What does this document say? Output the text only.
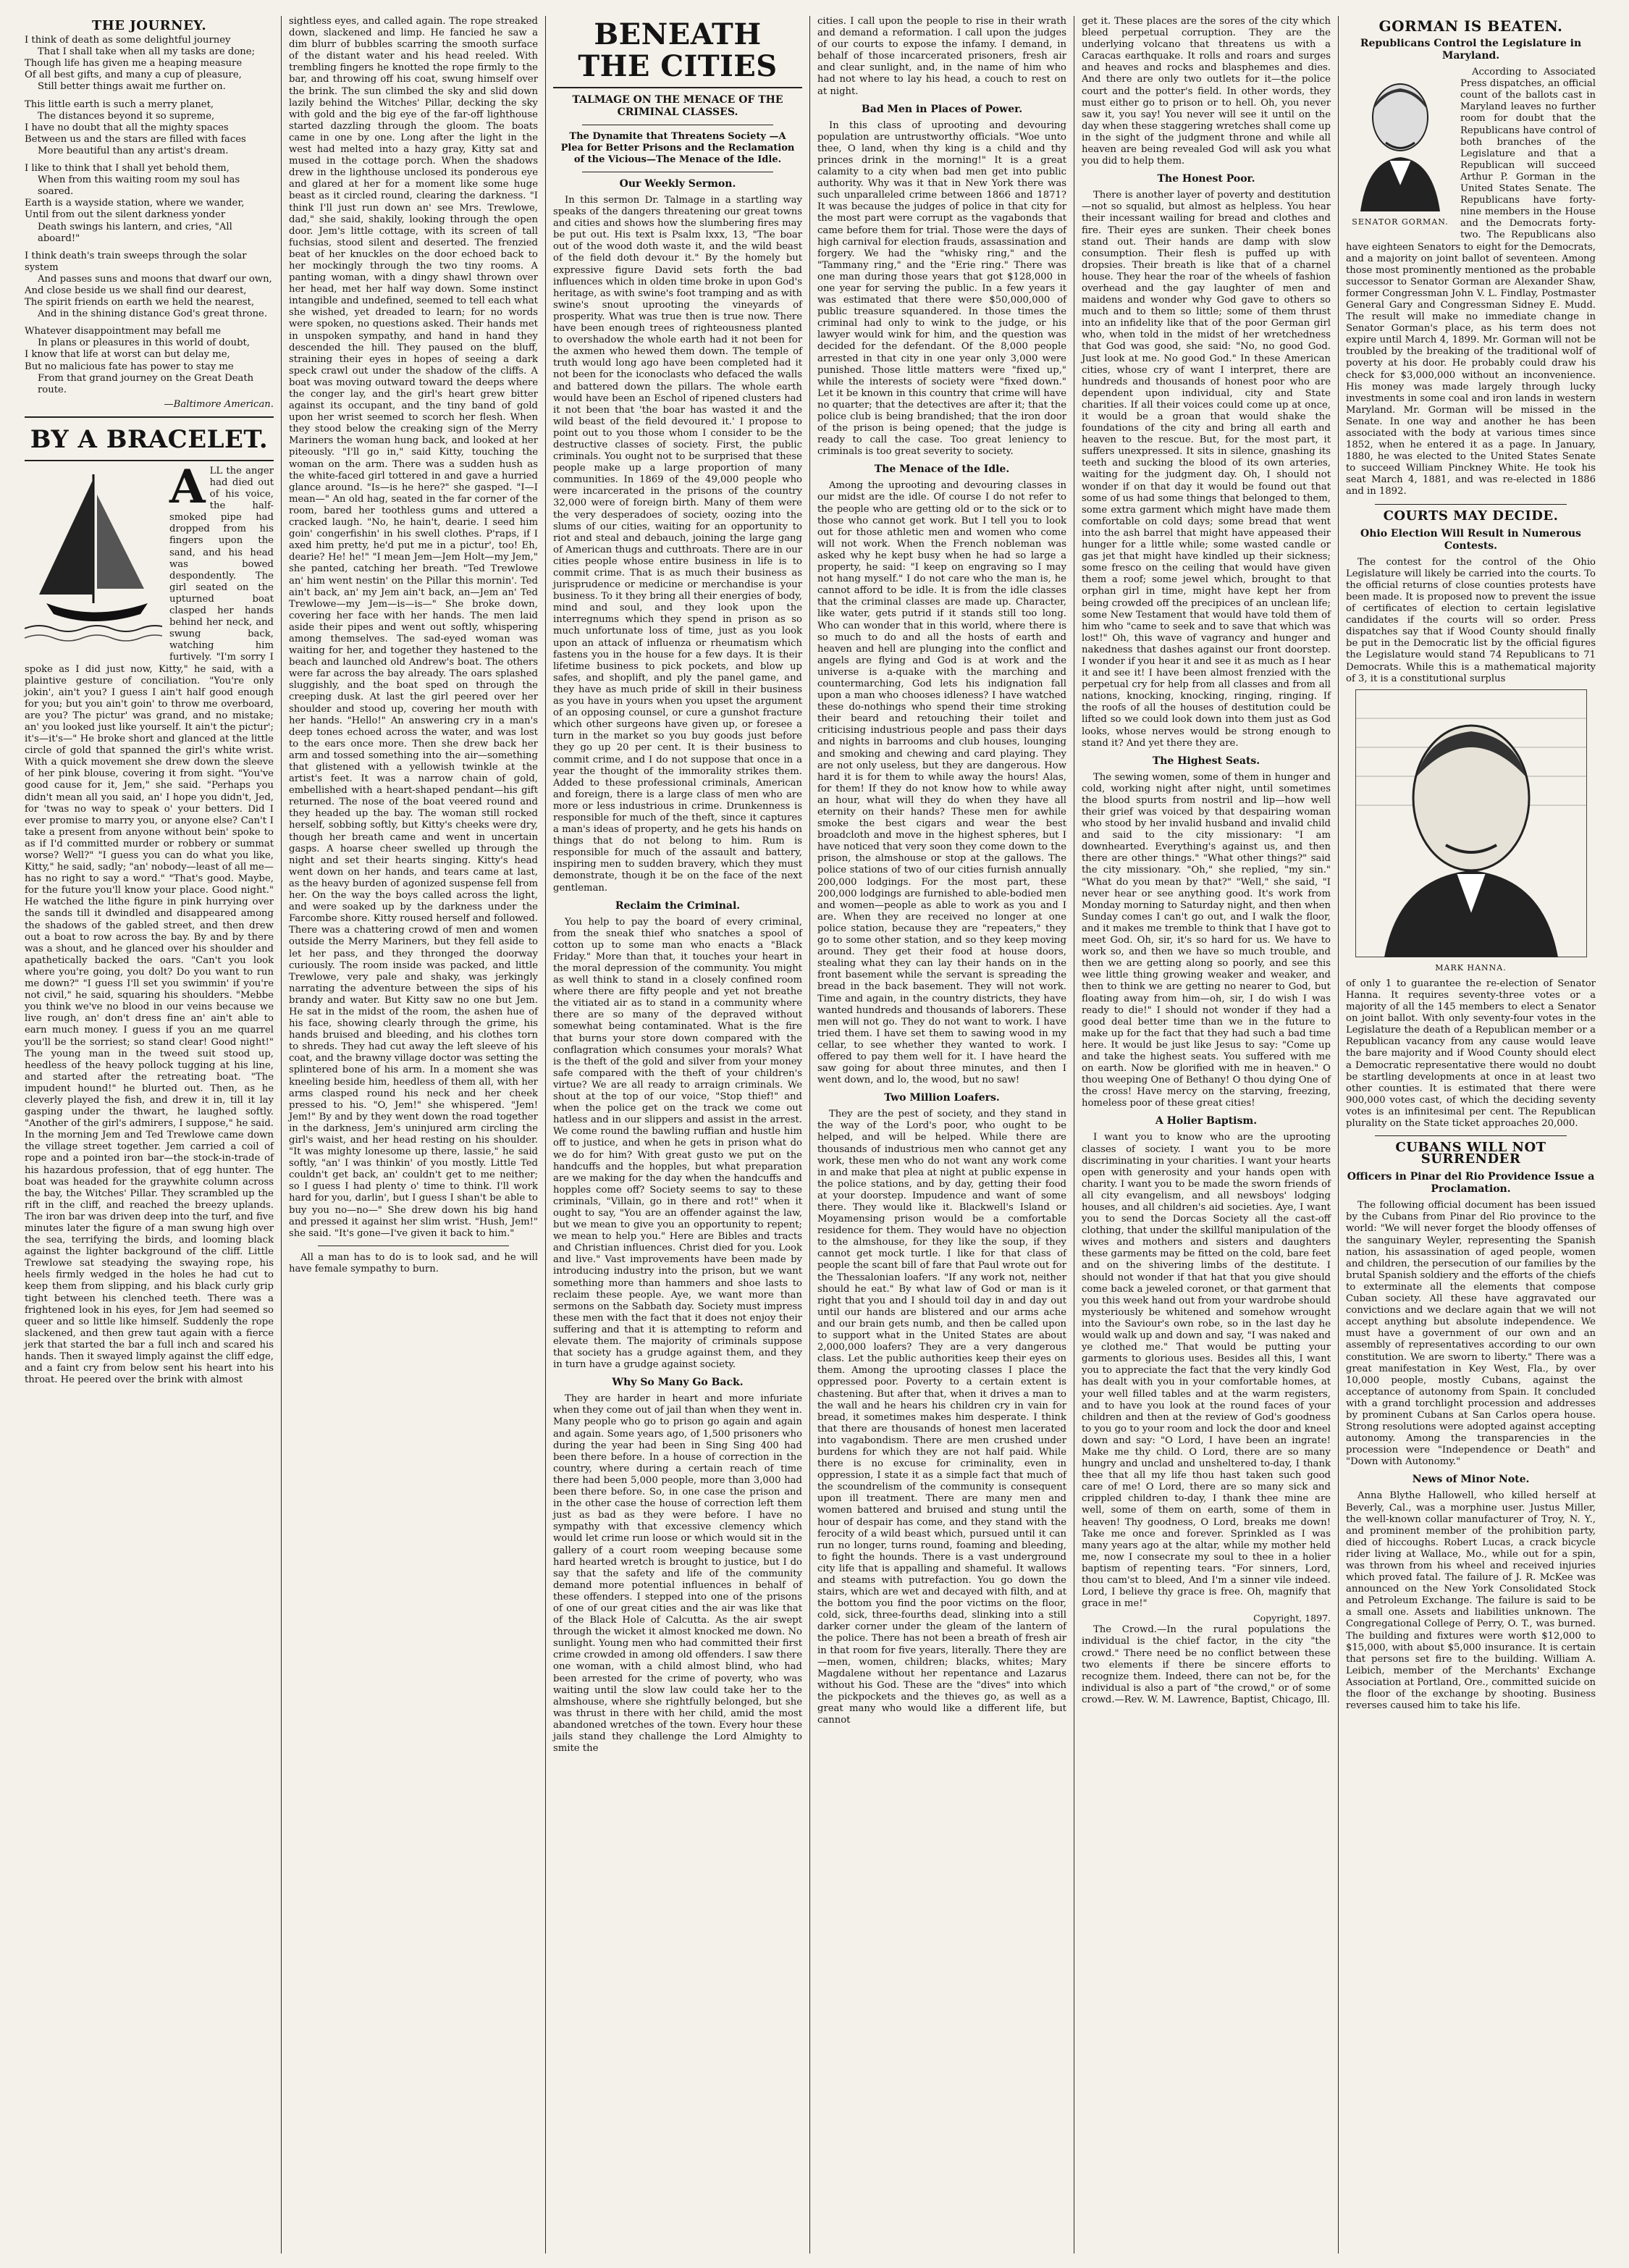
THE JOURNEY.

I think of death as some delightful journey

That I shall take when all my tasks are done;

Though life has given me a heaping measure

Of all best gifts, and many a cup of pleasure,

Still better things await me further on.

This little earth is such a merry planet,

The distances beyond it so supreme,

I have no doubt that all the mighty spaces

Between us and the stars are filled with faces

More beautiful than any artist's dream.

I like to think that I shall yet behold them,

When from this waiting room my soul has soared.

Earth is a wayside station, where we wander,

Until from out the silent darkness yonder

Death swings his lantern, and cries, "All aboard!"

I think death's train sweeps through the solar system

And passes suns and moons that dwarf our own,

And close beside us we shall find our dearest,

The spirit friends on earth we held the nearest,

And in the shining distance God's great throne.

Whatever disappointment may befall me

In plans or pleasures in this world of doubt,

I know that life at worst can but delay me,

But no malicious fate has power to stay me

From that grand journey on the Great Death route.

—Baltimore American.
BY A BRACELET.
A LL the anger had died out of his voice, the half-smoked pipe had dropped from his fingers upon the sand, and his head was bowed despondently. The girl seated on the upturned boat clasped her hands behind her neck, and swung back, watching him furtively. "I'm sorry I spoke as I did just now, Kitty," he said, with a plaintive gesture of conciliation. "You're only jokin', ain't you? I guess I ain't half good enough for you; but you ain't goin' to throw me overboard, are you? The pictur' was grand, and no mistake; an' you looked just like yourself. It ain't the pictur'; it's—it's—" He broke short and glanced at the little circle of gold that spanned the girl's white wrist. With a quick movement she drew down the sleeve of her pink blouse, covering it from sight. "You've good cause for it, Jem," she said. "Perhaps you didn't mean all you said, an' I hope you didn't, Jed, for 'twas no way to speak o' your betters. Did I ever promise to marry you, or anyone else? Can't I take a present from anyone without bein' spoke to as if I'd committed murder or robbery or summat worse? Well?" "I guess you can do what you like, Kitty," he said, sadly; "an' nobody—least of all me—has no right to say a word." "That's good. Maybe, for the future you'll know your place. Good night." He watched the lithe figure in pink hurrying over the sands till it dwindled and disappeared among the shadows of the gabled street, and then drew out a boat to row across the bay. By and by there was a shout, and he glanced over his shoulder and apathetically backed the oars. "Can't you look where you're going, you dolt? Do you want to run me down?" "I guess I'll set you swimmin' if you're not civil," he said, squaring his shoulders. "Mebbe you think we've no blood in our veins because we live rough, an' don't dress fine an' ain't able to earn much money. I guess if you an me quarrel you'll be the sorriest; so stand clear! Good night!" The young man in the tweed suit stood up, heedless of the heavy pollock tugging at his line, and started after the retreating boat. "The impudent hound!" he blurted out. Then, as he cleverly played the fish, and drew it in, till it lay gasping under the thwart, he laughed softly. "Another of the girl's admirers, I suppose," he said. In the morning Jem and Ted Trewlowe came down the village street together. Jem carried a coil of rope and a pointed iron bar—the stock-in-trade of his hazardous profession, that of egg hunter. The boat was headed for the graywhite column across the bay, the Witches' Pillar. They scrambled up the rift in the cliff, and reached the breezy uplands. The iron bar was driven deep into the turf, and five minutes later the figure of a man swung high over the sea, terrifying the birds, and looming black against the lighter background of the cliff. Little Trewlowe sat steadying the swaying rope, his heels firmly wedged in the holes he had cut to keep them from slipping, and his black curly grip tight between his clenched teeth. There was a frightened look in his eyes, for Jem had seemed so queer and so little like himself. Suddenly the rope slackened, and then grew taut again with a fierce jerk that started the bar a full inch and scared his hands. Then it swayed limply against the cliff edge, and a faint cry from below sent his heart into his throat. He peered over the brink with almost

sightless eyes, and called again. The rope streaked down, slackened and limp. He fancied he saw a dim blurr of bubbles scarring the smooth surface of the distant water and his head reeled. With trembling fingers he knotted the rope firmly to the bar, and throwing off his coat, swung himself over the brink. The sun climbed the sky and slid down lazily behind the Witches' Pillar, decking the sky with gold and the big eye of the far-off lighthouse started dazzling through the gloom. The boats came in one by one. Long after the light in the west had melted into a hazy gray, Kitty sat and mused in the cottage porch. When the shadows drew in the lighthouse unclosed its ponderous eye and glared at her for a moment like some huge beast as it circled round, clearing the darkness. "I think I'll just run down an' see Mrs. Trewlowe, dad," she said, shakily, looking through the open door. Jem's little cottage, with its screen of tall fuchsias, stood silent and deserted. The frenzied beat of her knuckles on the door echoed back to her mockingly through the two tiny rooms. A panting woman, with a dingy shawl thrown over her head, met her half way down. Some instinct intangible and undefined, seemed to tell each what she wished, yet dreaded to learn; for no words were spoken, no questions asked. Their hands met in unspoken sympathy, and hand in hand they descended the hill. They paused on the bluff, straining their eyes in hopes of seeing a dark speck crawl out under the shadow of the cliffs. A boat was moving outward toward the deeps where the conger lay, and the girl's heart grew bitter against its occupant, and the tiny band of gold upon her wrist seemed to scorch her flesh. When they stood below the creaking sign of the Merry Mariners the woman hung back, and looked at her piteously. "I'll go in," said Kitty, touching the woman on the arm. There was a sudden hush as the white-faced girl tottered in and gave a hurried glance around. "Is—is he here?" she gasped. "I—I mean—" An old hag, seated in the far corner of the room, bared her toothless gums and uttered a cracked laugh. "No, he hain't, dearie. I seed him goin' congerfishin' in his swell clothes. P'raps, if I axed him pretty, he'd put me in a pictur', too! Eh, dearie? He! he!" "I mean Jem—Jem Holt—my Jem," she panted, catching her breath. "Ted Trewlowe an' him went nestin' on the Pillar this mornin'. Ted ain't back, an' my Jem ain't back, an—Jem an' Ted Trewlowe—my Jem—is—is—" She broke down, covering her face with her hands. The men laid aside their pipes and went out softly, whispering among themselves. The sad-eyed woman was waiting for her, and together they hastened to the beach and launched old Andrew's boat. The others were far across the bay already. The oars splashed sluggishly, and the boat sped on through the creeping dusk. At last the girl peered over her shoulder and stood up, covering her mouth with her hands. "Hello!" An answering cry in a man's deep tones echoed across the water, and was lost to the ears once more. Then she drew back her arm and tossed something into the air—something that glistened with a yellowish twinkle at the artist's feet. It was a narrow chain of gold, embellished with a heart-shaped pendant—his gift returned. The nose of the boat veered round and they headed up the bay. The woman still rocked herself, sobbing softly, but Kitty's cheeks were dry, though her breath came and went in uncertain gasps. A hoarse cheer swelled up through the night and set their hearts singing. Kitty's head went down on her hands, and tears came at last, as the heavy burden of agonized suspense fell from her. On the way the boys called across the light, and were soaked up by the darkness under the Farcombe shore. Kitty roused herself and followed. There was a chattering crowd of men and women outside the Merry Mariners, but they fell aside to let her pass, and they thronged the doorway curiously. The room inside was packed, and little Trewlowe, very pale and shaky, was jerkingly narrating the adventure between the sips of his brandy and water. But Kitty saw no one but Jem. He sat in the midst of the room, the ashen hue of his face, showing clearly through the grime, his hands bruised and bleeding, and his clothes torn to shreds. They had cut away the left sleeve of his coat, and the brawny village doctor was setting the splintered bone of his arm. In a moment she was kneeling beside him, heedless of them all, with her arms clasped round his neck and her cheek pressed to his. "O, Jem!" she whispered. "Jem! Jem!" By and by they went down the road together in the darkness, Jem's uninjured arm circling the girl's waist, and her head resting on his shoulder. "It was mighty lonesome up there, lassie," he said softly, "an' I was thinkin' of you mostly. Little Ted couldn't get back, an' couldn't get to me neither; so I guess I had plenty o' time to think. I'll work hard for you, darlin', but I guess I shan't be able to buy you no—no—" She drew down his big hand and pressed it against her slim wrist. "Hush, Jem!" she said. "It's gone—I've given it back to him."

All a man has to do is to look sad, and he will have female sympathy to burn.

BENEATH THE CITIES
TALMAGE ON THE MENACE OF THE CRIMINAL CLASSES.
The Dynamite that Threatens Society —A Plea for Better Prisons and the Reclamation of the Vicious—The Menace of the Idle.
Our Weekly Sermon.

In this sermon Dr. Talmage in a startling way speaks of the dangers threatening our great towns and cities and shows how the slumbering fires may be put out. His text is Psalm lxxx, 13, "The boar out of the wood doth waste it, and the wild beast of the field doth devour it." By the homely but expressive figure David sets forth the bad influences which in olden time broke in upon God's heritage, as with swine's foot tramping and as with swine's snout uprooting the vineyards of prosperity. What was true then is true now. There have been enough trees of righteousness planted to overshadow the whole earth had it not been for the axmen who hewed them down. The temple of truth would long ago have been completed had it not been for the iconoclasts who defaced the walls and battered down the pillars. The whole earth would have been an Eschol of ripened clusters had it not been that 'the boar has wasted it and the wild beast of the field devoured it.' I propose to point out to you those whom I consider to be the destructive classes of society. First, the public criminals. You ought not to be surprised that these people make up a large proportion of many communities. In 1869 of the 49,000 people who were incarcerated in the prisons of the country 32,000 were of foreign birth. Many of them were the very desperadoes of society, oozing into the slums of our cities, waiting for an opportunity to riot and steal and debauch, joining the large gang of American thugs and cutthroats. There are in our cities people whose entire business in life is to commit crime. That is as much their business as jurisprudence or medicine or merchandise is your business. To it they bring all their energies of body, mind and soul, and they look upon the interregnums which they spend in prison as so much unfortunate loss of time, just as you look upon an attack of influenza or rheumatism which fastens you in the house for a few days. It is their lifetime business to pick pockets, and blow up safes, and shoplift, and ply the panel game, and they have as much pride of skill in their business as you have in yours when you upset the argument of an opposing counsel, or cure a gunshot fracture which other surgeons have given up, or foresee a turn in the market so you buy goods just before they go up 20 per cent. It is their business to commit crime, and I do not suppose that once in a year the thought of the immorality strikes them. Added to these professional criminals, American and foreign, there is a large class of men who are more or less industrious in crime. Drunkenness is responsible for much of the theft, since it captures a man's ideas of property, and he gets his hands on things that do not belong to him. Rum is responsible for much of the assault and battery, inspiring men to sudden bravery, which they must demonstrate, though it be on the face of the next gentleman.

Reclaim the Criminal.

You help to pay the board of every criminal, from the sneak thief who snatches a spool of cotton up to some man who enacts a "Black Friday." More than that, it touches your heart in the moral depression of the community. You might as well think to stand in a closely confined room where there are fifty people and yet not breathe the vitiated air as to stand in a community where there are so many of the depraved without somewhat being contaminated. What is the fire that burns your store down compared with the conflagration which consumes your morals? What is the theft of the gold and silver from your money safe compared with the theft of your children's virtue? We are all ready to arraign criminals. We shout at the top of our voice, "Stop thief!" and when the police get on the track we come out hatless and in our slippers and assist in the arrest. We come round the bawling ruffian and hustle him off to justice, and when he gets in prison what do we do for him? With great gusto we put on the handcuffs and the hopples, but what preparation are we making for the day when the handcuffs and hopples come off? Society seems to say to these criminals, "Villain, go in there and rot!" when it ought to say, "You are an offender against the law, but we mean to give you an opportunity to repent; we mean to help you." Here are Bibles and tracts and Christian influences. Christ died for you. Look and live." Vast improvements have been made by introducing industry into the prison, but we want something more than hammers and shoe lasts to reclaim these people. Aye, we want more than sermons on the Sabbath day. Society must impress these men with the fact that it does not enjoy their suffering and that it is attempting to reform and elevate them. The majority of criminals suppose that society has a grudge against them, and they in turn have a grudge against society.

Why So Many Go Back.

They are harder in heart and more infuriate when they come out of jail than when they went in. Many people who go to prison go again and again and again. Some years ago, of 1,500 prisoners who during the year had been in Sing Sing 400 had been there before. In a house of correction in the country, where during a certain reach of time there had been 5,000 people, more than 3,000 had been there before. So, in one case the prison and in the other case the house of correction left them just as bad as they were before. I have no sympathy with that excessive clemency which would let crime run loose or which would sit in the gallery of a court room weeping because some hard hearted wretch is brought to justice, but I do say that the safety and life of the community demand more potential influences in behalf of these offenders. I stepped into one of the prisons of one of our great cities and the air was like that of the Black Hole of Calcutta. As the air swept through the wicket it almost knocked me down. No sunlight. Young men who had committed their first crime crowded in among old offenders. I saw there one woman, with a child almost blind, who had been arrested for the crime of poverty, who was waiting until the slow law could take her to the almshouse, where she rightfully belonged, but she was thrust in there with her child, amid the most abandoned wretches of the town. Every hour these jails stand they challenge the Lord Almighty to smite the

cities. I call upon the people to rise in their wrath and demand a reformation. I call upon the judges of our courts to expose the infamy. I demand, in behalf of those incarcerated prisoners, fresh air and clear sunlight, and, in the name of him who had not where to lay his head, a couch to rest on at night.

Bad Men in Places of Power.

In this class of uprooting and devouring population are untrustworthy officials. "Woe unto thee, O land, when thy king is a child and thy princes drink in the morning!" It is a great calamity to a city when bad men get into public authority. Why was it that in New York there was such unparalleled crime between 1866 and 1871? It was because the judges of police in that city for the most part were corrupt as the vagabonds that came before them for trial. Those were the days of high carnival for election frauds, assassination and forgery. We had the "whisky ring," and the "Tammany ring," and the "Erie ring." There was one man during those years that got $128,000 in one year for serving the public. In a few years it was estimated that there were $50,000,000 of public treasure squandered. In those times the criminal had only to wink to the judge, or his lawyer would wink for him, and the question was decided for the defendant. Of the 8,000 people arrested in that city in one year only 3,000 were punished. Those little matters were "fixed up," while the interests of society were "fixed down." Let it be known in this country that crime will have no quarter; that the detectives are after it; that the police club is being brandished; that the iron door of the prison is being opened; that the judge is ready to call the case. Too great leniency to criminals is too great severity to society.

The Menace of the Idle.

Among the uprooting and devouring classes in our midst are the idle. Of course I do not refer to the people who are getting old or to the sick or to those who cannot get work. But I tell you to look out for those athletic men and women who come will not work. When the French nobleman was asked why he kept busy when he had so large a property, he said: "I keep on engraving so I may not hang myself." I do not care who the man is, he cannot afford to be idle. It is from the idle classes that the criminal classes are made up. Character, like water, gets putrid if it stands still too long. Who can wonder that in this world, where there is so much to do and all the hosts of earth and heaven and hell are plunging into the conflict and angels are flying and God is at work and the universe is a-quake with the marching and countermarching, God lets his indignation fall upon a man who chooses idleness? I have watched these do-nothings who spend their time stroking their beard and retouching their toilet and criticising industrious people and pass their days and nights in barrooms and club houses, lounging and smoking and chewing and card playing. They are not only useless, but they are dangerous. How hard it is for them to while away the hours! Alas, for them! If they do not know how to while away an hour, what will they do when they have all eternity on their hands? These men for awhile smoke the best cigars and wear the best broadcloth and move in the highest spheres, but I have noticed that very soon they come down to the prison, the almshouse or stop at the gallows. The police stations of two of our cities furnish annually 200,000 lodgings. For the most part, these 200,000 lodgings are furnished to able-bodied men and women—people as able to work as you and I are. When they are received no longer at one police station, because they are "repeaters," they go to some other station, and so they keep moving around. They get their food at house doors, stealing what they can lay their hands on in the front basement while the servant is spreading the bread in the back basement. They will not work. Time and again, in the country districts, they have wanted hundreds and thousands of laborers. These men will not go. They do not want to work. I have tried them. I have set them to sawing wood in my cellar, to see whether they wanted to work. I offered to pay them well for it. I have heard the saw going for about three minutes, and then I went down, and lo, the wood, but no saw!

Two Million Loafers.

They are the pest of society, and they stand in the way of the Lord's poor, who ought to be helped, and will be helped. While there are thousands of industrious men who cannot get any work, these men who do not want any work come in and make that plea at night at public expense in the police stations, and by day, getting their food at your doorstep. Impudence and want of some there. They would like it. Blackwell's Island or Moyamensing prison would be a comfortable residence for them. They would have no objection to the almshouse, for they like the soup, if they cannot get mock turtle. I like for that class of people the scant bill of fare that Paul wrote out for the Thessalonian loafers. "If any work not, neither should he eat." By what law of God or man is it right that you and I should toil day in and day out until our hands are blistered and our arms ache and our brain gets numb, and then be called upon to support what in the United States are about 2,000,000 loafers? They are a very dangerous class. Let the public authorities keep their eyes on them. Among the uprooting classes I place the oppressed poor. Poverty to a certain extent is chastening. But after that, when it drives a man to the wall and he hears his children cry in vain for bread, it sometimes makes him desperate. I think that there are thousands of honest men lacerated into vagabondism. There are men crushed under burdens for which they are not half paid. While there is no excuse for criminality, even in oppression, I state it as a simple fact that much of the scoundrelism of the community is consequent upon ill treatment. There are many men and women battered and bruised and stung until the hour of despair has come, and they stand with the ferocity of a wild beast which, pursued until it can run no longer, turns round, foaming and bleeding, to fight the hounds. There is a vast underground city life that is appalling and shameful. It wallows and steams with putrefaction. You go down the stairs, which are wet and decayed with filth, and at the bottom you find the poor victims on the floor, cold, sick, three-fourths dead, slinking into a still darker corner under the gleam of the lantern of the police. There has not been a breath of fresh air in that room for five years, literally. There they are—men, women, children; blacks, whites; Mary Magdalene without her repentance and Lazarus without his God. These are the "dives" into which the pickpockets and the thieves go, as well as a great many who would like a different life, but cannot

get it. These places are the sores of the city which bleed perpetual corruption. They are the underlying volcano that threatens us with a Caracas earthquake. It rolls and roars and surges and heaves and rocks and blasphemes and dies. And there are only two outlets for it—the police court and the potter's field. In other words, they must either go to prison or to hell. Oh, you never saw it, you say! You never will see it until on the day when these staggering wretches shall come up in the sight of the judgment throne and while all heaven are being revealed God will ask you what you did to help them.

The Honest Poor.

There is another layer of poverty and destitution—not so squalid, but almost as helpless. You hear their incessant wailing for bread and clothes and fire. Their eyes are sunken. Their cheek bones stand out. Their hands are damp with slow consumption. Their flesh is puffed up with dropsies. Their breath is like that of a charnel house. They hear the roar of the wheels of fashion overhead and the gay laughter of men and maidens and wonder why God gave to others so much and to them so little; some of them thrust into an infidelity like that of the poor German girl who, when told in the midst of her wretchedness that God was good, she said: "No, no good God. Just look at me. No good God." In these American cities, whose cry of want I interpret, there are hundreds and thousands of honest poor who are dependent upon individual, city and State charities. If all their voices could come up at once, it would be a groan that would shake the foundations of the city and bring all earth and heaven to the rescue. But, for the most part, it suffers unexpressed. It sits in silence, gnashing its teeth and sucking the blood of its own arteries, waiting for the judgment day. Oh, I should not wonder if on that day it would be found out that some of us had some things that belonged to them, some extra garment which might have made them comfortable on cold days; some bread that went into the ash barrel that might have appeased their hunger for a little while; some wasted candle or gas jet that might have kindled up their sickness; some fresco on the ceiling that would have given them a roof; some jewel which, brought to that orphan girl in time, might have kept her from being crowded off the precipices of an unclean life; some New Testament that would have told them of him who "came to seek and to save that which was lost!" Oh, this wave of vagrancy and hunger and nakedness that dashes against our front doorstep. I wonder if you hear it and see it as much as I hear it and see it! I have been almost frenzied with the perpetual cry for help from all classes and from all nations, knocking, knocking, ringing, ringing. If the roofs of all the houses of destitution could be lifted so we could look down into them just as God looks, whose nerves would be strong enough to stand it? And yet there they are.

The Highest Seats.

The sewing women, some of them in hunger and cold, working night after night, until sometimes the blood spurts from nostril and lip—how well their grief was voiced by that despairing woman who stood by her invalid husband and invalid child and said to the city missionary: "I am downhearted. Everything's against us, and then there are other things." "What other things?" said the city missionary. "Oh," she replied, "my sin." "What do you mean by that?" "Well," she said, "I never hear or see anything good. It's work from Monday morning to Saturday night, and then when Sunday comes I can't go out, and I walk the floor, and it makes me tremble to think that I have got to meet God. Oh, sir, it's so hard for us. We have to work so, and then we have so much trouble, and then we are getting along so poorly, and see this wee little thing growing weaker and weaker, and then to think we are getting no nearer to God, but floating away from him—oh, sir, I do wish I was ready to die!" I should not wonder if they had a good deal better time than we in the future to make up for the fact that they had such a bad time here. It would be just like Jesus to say: "Come up and take the highest seats. You suffered with me on earth. Now be glorified with me in heaven." O thou weeping One of Bethany! O thou dying One of the cross! Have mercy on the starving, freezing, homeless poor of these great cities!

A Holier Baptism.

I want you to know who are the uprooting classes of society. I want you to be more discriminating in your charities. I want your hearts open with generosity and your hands open with charity. I want you to be made the sworn friends of all city evangelism, and all newsboys' lodging houses, and all children's aid societies. Aye, I want you to send the Dorcas Society all the cast-off clothing, that under the skillful manipulation of the wives and mothers and sisters and daughters these garments may be fitted on the cold, bare feet and on the shivering limbs of the destitute. I should not wonder if that hat that you give should come back a jeweled coronet, or that garment that you this week hand out from your wardrobe should mysteriously be whitened and somehow wrought into the Saviour's own robe, so in the last day he would walk up and down and say, "I was naked and ye clothed me." That would be putting your garments to glorious uses. Besides all this, I want you to appreciate the fact that the very kindly God has dealt with you in your comfortable homes, at your well filled tables and at the warm registers, and to have you look at the round faces of your children and then at the review of God's goodness to you go to your room and lock the door and kneel down and say: "O Lord, I have been an ingrate! Make me thy child. O Lord, there are so many hungry and unclad and unsheltered to-day, I thank thee that all my life thou hast taken such good care of me! O Lord, there are so many sick and crippled children to-day, I thank thee mine are well, some of them on earth, some of them in heaven! Thy goodness, O Lord, breaks me down! Take me once and forever. Sprinkled as I was many years ago at the altar, while my mother held me, now I consecrate my soul to thee in a holier baptism of repenting tears. "For sinners, Lord, thou cam'st to bleed, And I'm a sinner vile indeed. Lord, I believe thy grace is free. Oh, magnify that grace in me!"

Copyright, 1897.

The Crowd.—In the rural populations the individual is the chief factor, in the city "the crowd." There need be no conflict between these two elements if there be sincere efforts to recognize them. Indeed, there can not be, for the individual is also a part of "the crowd," or of some crowd.—Rev. W. M. Lawrence, Baptist, Chicago, Ill.

GORMAN IS BEATEN.
Republicans Control the Legislature in Maryland.
SENATOR GORMAN.

According to Associated Press dispatches, an official count of the ballots cast in Maryland leaves no further room for doubt that the Republicans have control of both branches of the Legislature and that a Republican will succeed Arthur P. Gorman in the United States Senate. The Republicans have forty-nine members in the House and the Democrats forty-two. The Republicans also have eighteen Senators to eight for the Democrats, and a majority on joint ballot of seventeen. Among those most prominently mentioned as the probable successor to Senator Gorman are Alexander Shaw, former Congressman John V. L. Findlay, Postmaster General Gary and Congressman Sidney E. Mudd. The result will make no immediate change in Senator Gorman's place, as his term does not expire until March 4, 1899. Mr. Gorman will not be troubled by the breaking of the traditional wolf of poverty at his door. He probably could draw his check for $3,000,000 without an inconvenience. His money was made largely through lucky investments in some coal and iron lands in western Maryland. Mr. Gorman will be missed in the Senate. In one way and another he has been associated with the body at various times since 1852, when he entered it as a page. In January, 1880, he was elected to the United States Senate to succeed William Pinckney White. He took his seat March 4, 1881, and was re-elected in 1886 and in 1892.

COURTS MAY DECIDE.
Ohio Election Will Result in Numerous Contests.

The contest for the control of the Ohio Legislature will likely be carried into the courts. To the official returns of close counties protests have been made. It is proposed now to prevent the issue of certificates of election to certain legislative candidates if the courts will so order. Press dispatches say that if Wood County should finally be put in the Democratic list by the official figures the Legislature would stand 74 Republicans to 71 Democrats. While this is a mathematical majority of 3, it is a constitutional surplus

MARK HANNA.

of only 1 to guarantee the re-election of Senator Hanna. It requires seventy-three votes or a majority of all the 145 members to elect a Senator on joint ballot. With only seventy-four votes in the Legislature the death of a Republican member or a Republican vacancy from any cause would leave the bare majority and if Wood County should elect a Democratic representative there would no doubt be startling developments at once in at least two other counties. It is estimated that there were 900,000 votes cast, of which the deciding seventy votes is an infinitesimal per cent. The Republican plurality on the State ticket approaches 20,000.

CUBANS WILL NOT SURRENDER
Officers in Pinar del Rio Providence Issue a Proclamation.

The following official document has been issued by the Cubans from Pinar del Rio province to the world: "We will never forget the bloody offenses of the sanguinary Weyler, representing the Spanish nation, his assassination of aged people, women and children, the persecution of our families by the brutal Spanish soldiery and the efforts of the chiefs to exterminate all the elements that compose Cuban society. All these have aggravated our convictions and we declare again that we will not accept anything but absolute independence. We must have a government of our own and an assembly of representatives according to our own constitution. We are sworn to liberty." There was a great manifestation in Key West, Fla., by over 10,000 people, mostly Cubans, against the acceptance of autonomy from Spain. It concluded with a grand torchlight procession and addresses by prominent Cubans at San Carlos opera house. Strong resolutions were adopted against accepting autonomy. Among the transparencies in the procession were "Independence or Death" and "Down with Autonomy."

News of Minor Note.

Anna Blythe Hallowell, who killed herself at Beverly, Cal., was a morphine user. Justus Miller, the well-known collar manufacturer of Troy, N. Y., and prominent member of the prohibition party, died of hiccoughs. Robert Lucas, a crack bicycle rider living at Wallace, Mo., while out for a spin, was thrown from his wheel and received injuries which proved fatal. The failure of J. R. McKee was announced on the New York Consolidated Stock and Petroleum Exchange. The failure is said to be a small one. Assets and liabilities unknown. The Congregational College of Perry, O. T., was burned. The building and fixtures were worth $12,000 to $15,000, with about $5,000 insurance. It is certain that persons set fire to the building. William A. Leibich, member of the Merchants' Exchange Association at Portland, Ore., committed suicide on the floor of the exchange by shooting. Business reverses caused him to take his life.
